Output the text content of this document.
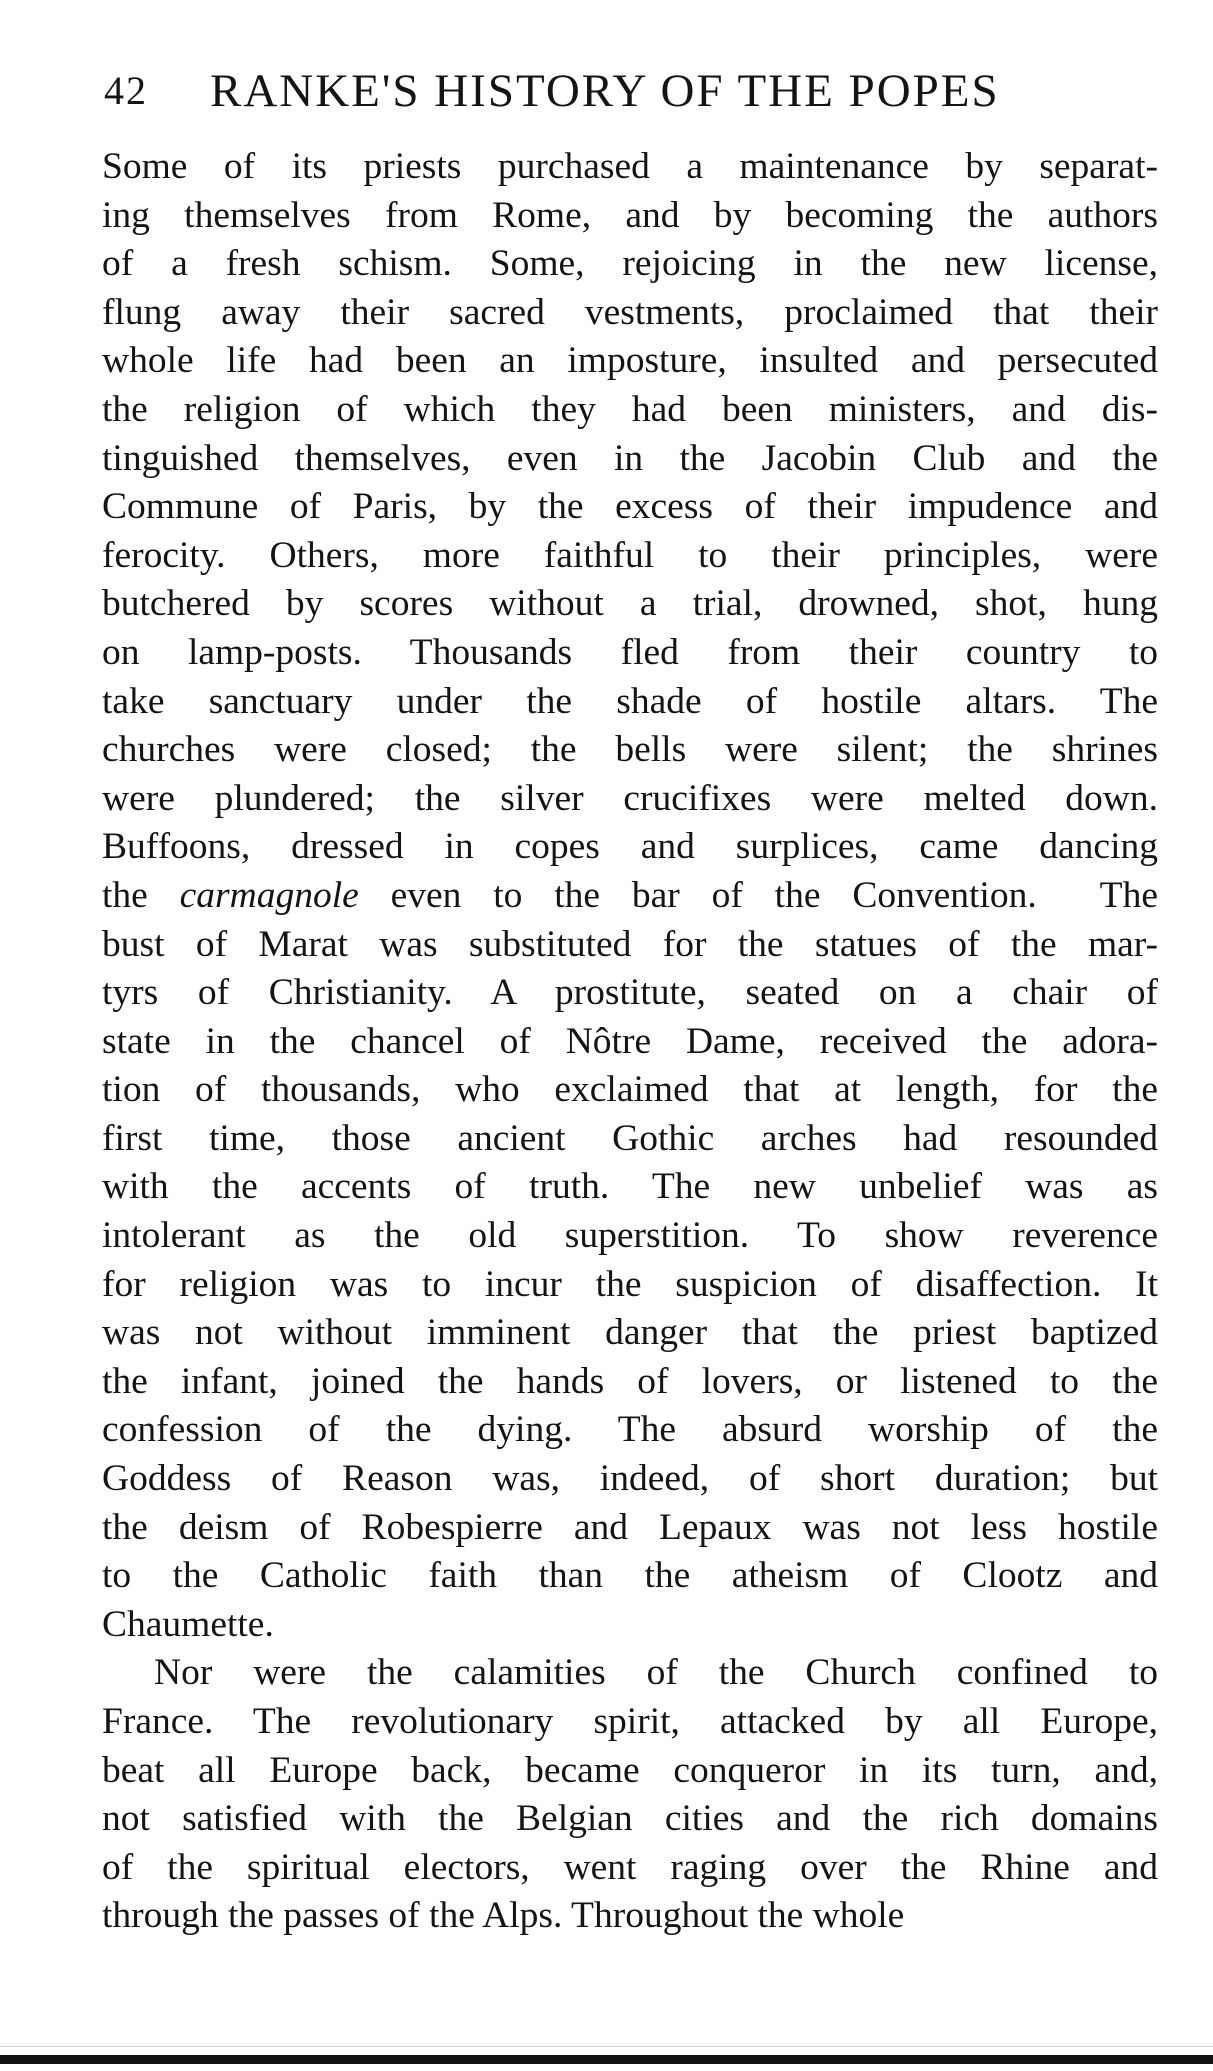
42 RANKE'S HISTORY OF THE POPES
Some of its priests purchased a maintenance by separat-
ing themselves from Rome, and by becoming the authors
of a fresh schism. Some, rejoicing in the new license,
flung away their sacred vestments, proclaimed that their
whole life had been an imposture, insulted and persecuted
the religion of which they had been ministers, and dis-
tinguished themselves, even in the Jacobin Club and the
Commune of Paris, by the excess of their impudence and
ferocity. Others, more faithful to their principles, were
butchered by scores without a trial, drowned, shot, hung
on lamp-posts. Thousands fled from their country to
take sanctuary under the shade of hostile altars. The
churches were closed; the bells were silent; the shrines
were plundered; the silver crucifixes were melted down.
Buffoons, dressed in copes and surplices, came dancing
the carmagnole even to the bar of the Convention.  The
bust of Marat was substituted for the statues of the mar-
tyrs of Christianity. A prostitute, seated on a chair of
state in the chancel of Nôtre Dame, received the adora-
tion of thousands, who exclaimed that at length, for the
first time, those ancient Gothic arches had resounded
with the accents of truth. The new unbelief was as
intolerant as the old superstition. To show reverence
for religion was to incur the suspicion of disaffection. It
was not without imminent danger that the priest baptized
the infant, joined the hands of lovers, or listened to the
confession of the dying. The absurd worship of the
Goddess of Reason was, indeed, of short duration; but
the deism of Robespierre and Lepaux was not less hostile
to the Catholic faith than the atheism of Clootz and
Chaumette.
Nor were the calamities of the Church confined to
France. The revolutionary spirit, attacked by all Europe,
beat all Europe back, became conqueror in its turn, and,
not satisfied with the Belgian cities and the rich domains
of the spiritual electors, went raging over the Rhine and
through the passes of the Alps. Throughout the whole
